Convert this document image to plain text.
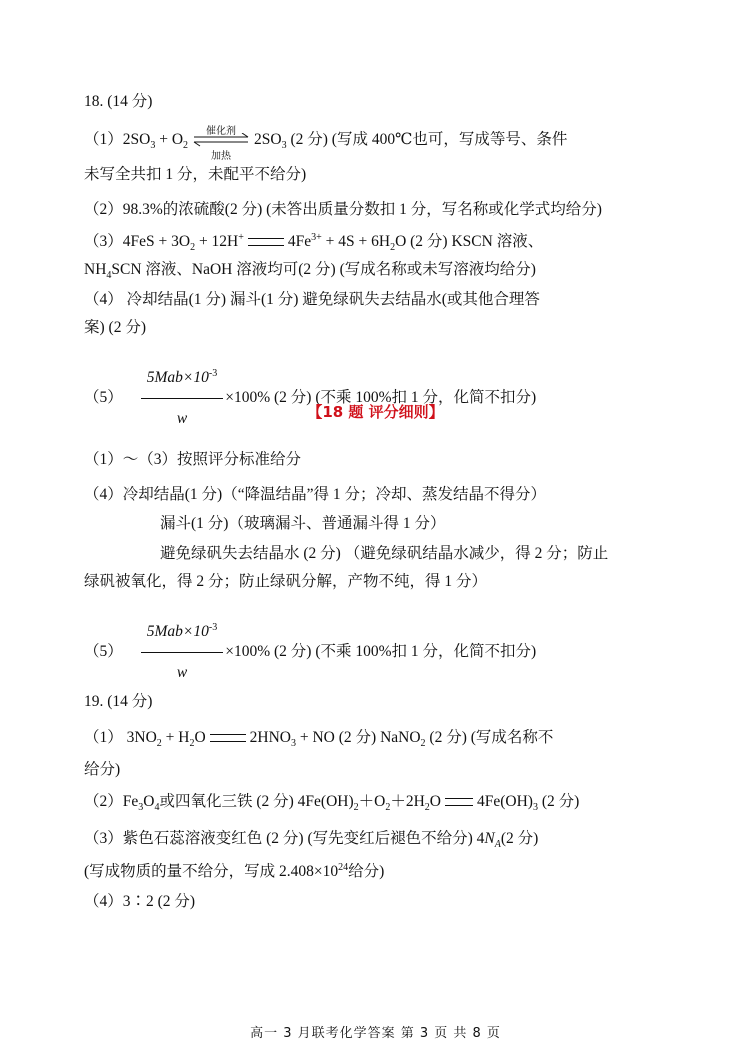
18. (14 分)
$(1)2SO_3 + O_2$
催化剂
加热
$2SO_3$ (2 分) (写成 400℃也可，写成等号、条件
未写全共扣 1 分，未配平不给分)
（2）98.3%的浓硫酸(2 分) (未答出质量分数扣 1 分，写名称或化学式均给分)
$(3)4FeS + 3O_2 + 12H^+$	$4Fe^{3+} + 4S + 6H_2O$ (2 分) KSCN 溶液、
$NH_4SCN$ 溶液、NaOH 溶液均可(2 分) (写成名称或未写溶液均给分)
（4） 冷却结晶(1 分) 漏斗(1 分) 避免绿矾失去结晶水(或其他合理答
案) (2 分)
$(5) \frac{5Mab\times 10^{-3}}{w} \times 100\%$ (2 分) (不乘 100%扣 1 分，化简不扣分)
【18 题 评分细则】
（1）～（3）按照评分标准给分
（4）冷却结晶(1 分)（“降温结晶”得 1 分；冷却、蒸发结晶不得分）
漏斗(1 分)（玻璃漏斗、普通漏斗得 1 分）
避免绿矾失去结晶水 (2 分) （避免绿矾结晶水减少，得 2 分；防止
绿矾被氧化，得 2 分；防止绿矾分解，产物不纯，得 1 分）
$(5) \frac{5Mab\times 10^{-3}}{w} \times 100\%$ (2 分) (不乘 100%扣 1 分，化简不扣分)
19. (14 分)
（1） $3NO_2 + H_2O$	$2HNO_3$ + NO (2 分) NaNO$_2$ (2 分) (写成名称不
给分)
$(2)Fe_3O_4$或四氧化三铁 (2 分) $4Fe(OH)_2+O_2+2H_2O$ $4Fe(OH)_3$ (2 分)
（3）紫色石蕊溶液变红色 (2 分) (写先变红后褪色不给分) $4N_A(2$ 分)
(写成物质的量不给分，写成 $2.408\times 10^{24}$给分)
（4）3∶2 (2 分)
高一 3 月联考化学答案 第 3 页 共 8 页
